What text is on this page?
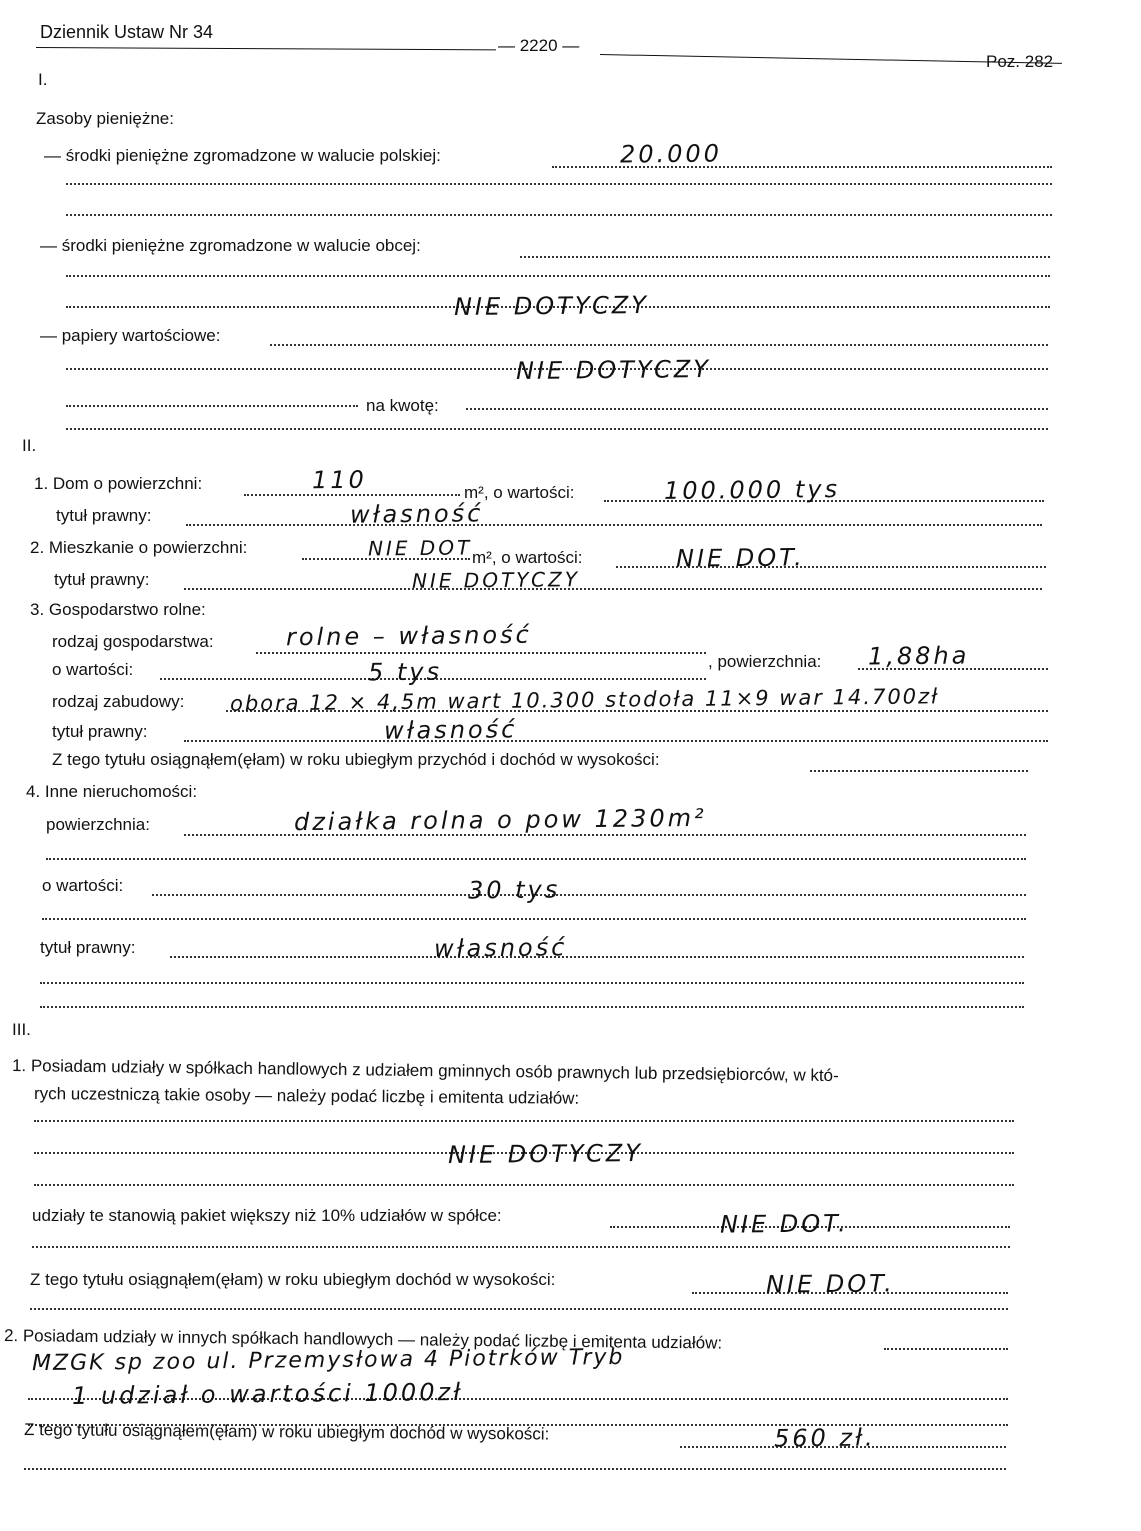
Dziennik Ustaw Nr 34
— 2220 —
Poz. 282
I.
Zasoby pieniężne:
— środki pieniężne zgromadzone w walucie polskiej:	20.000
— środki pieniężne zgromadzone w walucie obcej:
NIE DOTYCZY
— papiery wartościowe:
NIE DOTYCZY
na kwotę:
II.
1. Dom o powierzchni:	110	m², o wartości:	100.000 tys
tytuł prawny:	własność
2. Mieszkanie o powierzchni:	NIE DOT m², o wartości:	NIE DOT.
tytuł prawny:	NIE DOTYCZY
3. Gospodarstwo rolne:
rodzaj gospodarstwa:	rolne – własność
, powierzchnia: 1,88ha
o wartości:	5 tys
rodzaj zabudowy: obora 12 × 4,5m wart 10.300 stodoła 11×9 war 14.700zł
tytuł prawny:	własność
Z tego tytułu osiągnąłem(ęłam) w roku ubiegłym przychód i dochód w wysokości:
4. Inne nieruchomości:
powierzchnia:	działka rolna o pow 1230m²
o wartości:	30 tys
tytuł prawny:	własność
III.
1. Posiadam udziały w spółkach handlowych z udziałem gminnych osób prawnych lub przedsiębiorców, w któ-
rych uczestniczą takie osoby — należy podać liczbę i emitenta udziałów:
NIE DOTYCZY
udziały te stanowią pakiet większy niż 10% udziałów w spółce:	NIE DOT.
Z tego tytułu osiągnąłem(ęłam) w roku ubiegłym dochód w wysokości:	NIE DOT.
2. Posiadam udziały w innych spółkach handlowych — należy podać liczbę i emitenta udziałów:
MZGK sp zoo ul. Przemysłowa 4 Piotrków Tryb
1 udział o wartości 1000zł
Z tego tytułu osiągnąłem(ęłam) w roku ubiegłym dochód w wysokości:	560 zł.
